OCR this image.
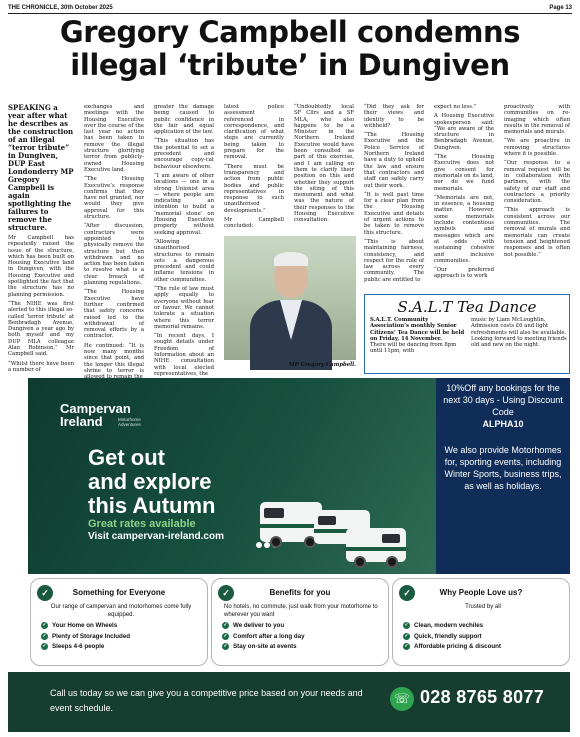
THE CHRONICLE, 30th October 2025	Page 13
Gregory Campbell condemns
illegal ‘tribute’ in Dungiven

SPEAKING a year after what he describes as the construction of an illegal “terror tribute” in Dungiven, DUP East Londonderry MP Gregory Campbell is again spotlighting the failures to remove the structure.

Mr Campbell has repeatedly raised the issue of the structure, which has been built on Housing Executive land in Dungiven, with the Housing Executive and spotlighted the fact that the structure has no planning permission.

“The NIHE was first alerted to this illegal so-called ‘terror tribute’ at Benbradagh Avenue, Dungiven a year ago by both myself and my DUP MLA colleague Alan Robinson,” Mr Campbell said.

“Whilst there have been a number of

exchanges and meetings with the Housing Executive over the course of the last year no action has been taken to remove the illegal structure glorifying terror from publicly-owned Housing Executive land.

“The Housing Executive’s response confirms that they have not granted, nor would they give approval for this structure.

“After discussion, contractors were appointed to physically remove the structure but then withdrawn and no action has been taken to resolve what is a clear breach of planning regulations.

“The Housing Executive have further confirmed that safety concerns raised led to the withdrawal of removal efforts by a contractor.

He continued: “It is now many months since that point, and the longer this illegal shrine to terror is

greater the damage being caused to public confidence in the fair and equal application of the law.

“This situation has the potential to set a precedent and encourage copy-cat behaviour elsewhere.

“I am aware of other locations — one in a strong Unionist area — where people are indicating an intention to build a ‘memorial stone’ on Housing Executive property without seeking approval.

“Allowing unauthorised structures to remain sets a dangerous precedent and could inflame tensions in other communities.

“The rule of law must apply equally to everyone without fear or favour. We cannot tolerate a situation where this terror memorial remains.

“In recent days, I sought details under Freedom of Information about an NIHE consultation with local elected representatives, the

latest police assessment referenced in correspondence, and clarification of what steps are currently being taken to prepare for the removal.

“There must be transparency and action from public bodies and public representatives in response to such unauthorised developments.”

Mr Campbell concluded:

“Undoubtedly local SF Cllrs and a SF MLA, who also happens to be a Minister in the Northern Ireland Executive would have been consulted as part of this exercise, and I am calling on them to clarify their position on this and whether they support the siting of this monument and what was the nature of their responses to the Housing Executive consultation.

“Did they ask for their views and identity to be withheld?

“The Housing Executive and the Police Service of Northern Ireland have a duty to uphold the law and ensure that contractors and staff can safely carry out their work.

“It is well past time for a clear plan from the Housing Executive and details of urgent actions to be taken to remove this structure.

“This is about maintaining fairness, consistency, and respect for the rule of law across every community. The public are entitled to

expect no less.”

A Housing Executive spokesperson said: “We are aware of the structure in Benbradagh Avenue, Dungiven.

“The Housing Executive does not give consent for memorials on its land, nor do we fund memorials.

“Memorials are not, in essence, a housing matter. However, some memorials include contentious symbols and messages which are at odds with sustaining cohesive and inclusive communities.

“Our preferred approach is to work

proactively with communities on re-imaging which often results in the removal of memorials and murals.

“We are proactive in removing structures where it is possible.

“Our response to a removal request will be in collaboration with partners, with the safety of our staff and contractors a priority consideration.

“This approach is consistent across our communities. The removal of murals and memorials can create tension and heightened responses and is often not possible.”

MP Gregory Campbell.
S.A.L.T Tea Dance
S.A.L.T. Community Association’s monthly Senior Citizens’ Tea Dance will be held on Friday, 14 November.
There will be dancing from 8pm until 11pm, with
music by Liam McLoughlin.
Admission costs £6 and light refreshments will also be available.
Looking forward to meeting friends old and new on the night.
Campervan
Ireland	Motorhome Adventures
Get out
and explore
this Autumn
Great rates available
Visit campervan-ireland.com
10%Off any bookings for the next 30 days - Using Discount Code
ALPHA10
We also provide Motorhomes for, sporting events, including Winter Sports, business trips, as well as holidays.
✓	Something for Everyone
Our range of campervan and motorhomes come fully equipped.
✓ Your Home on Wheels
✓ Plenty of Storage Included
✓ Sleeps 4-6 people
✓	Benefits for you
No hotels, no commute, just walk from your motorhome to wherever you want
✓ We deliver to you
✓ Comfort after a long day
✓ Stay on-site at events
✓	Why People Love us?
Trusted by all
✓ Clean, modern vechiles
✓ Quick, friendly support
✓ Affordable pricing & discount
Call us today so we can give you a competitive price based on your needs and event schedule.
☏ 028 8765 8077
